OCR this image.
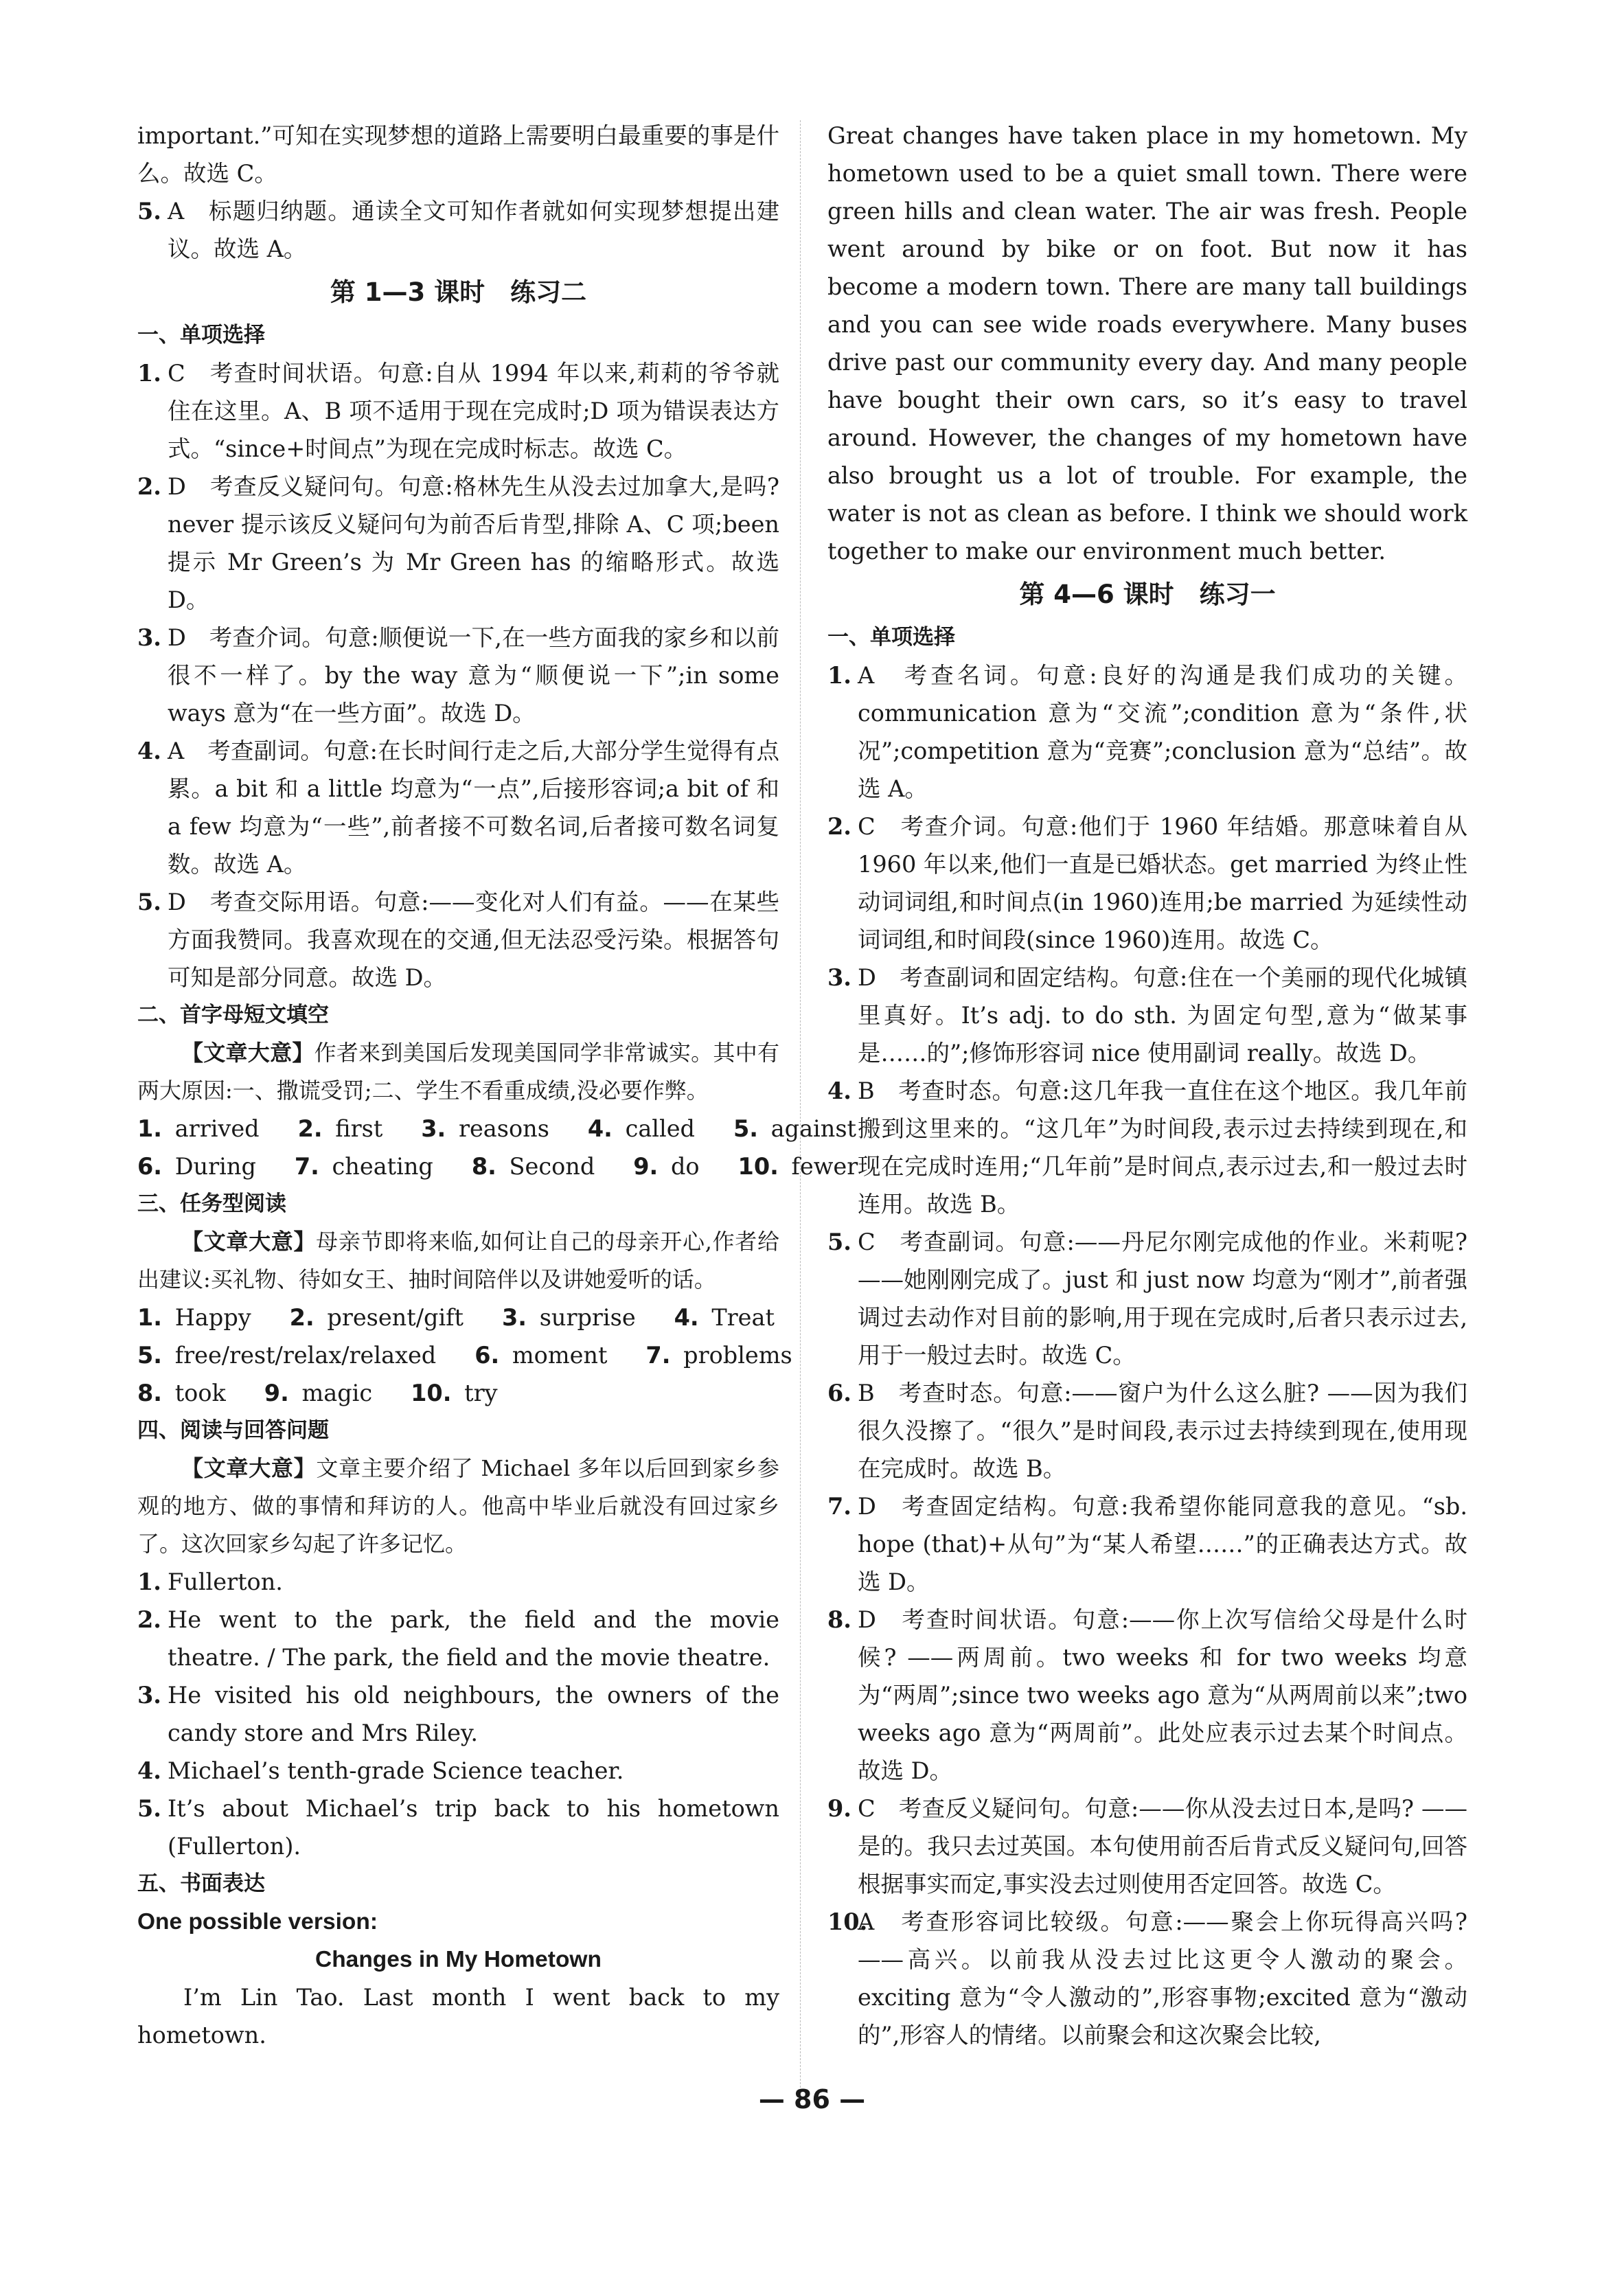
important.”可知在实现梦想的道路上需要明白最重要的事是什么。故选 C。

5. A　标题归纳题。通读全文可知作者就如何实现梦想提出建议。故选 A。

第 1—3 课时　练习二
一、单项选择

1. C　考查时间状语。句意:自从 1994 年以来,莉莉的爷爷就住在这里。A、B 项不适用于现在完成时;D 项为错误表达方式。“since+时间点”为现在完成时标志。故选 C。

2. D　考查反义疑问句。句意:格林先生从没去过加拿大,是吗? never 提示该反义疑问句为前否后肯型,排除 A、C 项;been 提示 Mr Green’s 为 Mr Green has 的缩略形式。故选 D。

3. D　考查介词。句意:顺便说一下,在一些方面我的家乡和以前很不一样了。by the way 意为“顺便说一下”;in some ways 意为“在一些方面”。故选 D。

4. A　考查副词。句意:在长时间行走之后,大部分学生觉得有点累。a bit 和 a little 均意为“一点”,后接形容词;a bit of 和 a few 均意为“一些”,前者接不可数名词,后者接可数名词复数。故选 A。

5. D　考查交际用语。句意:——变化对人们有益。——在某些方面我赞同。我喜欢现在的交通,但无法忍受污染。根据答句可知是部分同意。故选 D。

二、首字母短文填空

【文章大意】作者来到美国后发现美国同学非常诚实。其中有两大原因:一、撒谎受罚;二、学生不看重成绩,没必要作弊。

1. arrived 2. first 3. reasons 4. called 5. against

6. During 7. cheating 8. Second 9. do 10. fewer

三、任务型阅读

【文章大意】母亲节即将来临,如何让自己的母亲开心,作者给出建议:买礼物、待如女王、抽时间陪伴以及讲她爱听的话。

1. Happy 2. present/gift 3. surprise 4. Treat

5. free/rest/relax/relaxed 6. moment 7. problems

8. took 9. magic 10. try

四、阅读与回答问题

【文章大意】文章主要介绍了 Michael 多年以后回到家乡参观的地方、做的事情和拜访的人。他高中毕业后就没有回过家乡了。这次回家乡勾起了许多记忆。

1. Fullerton.

2. He went to the park, the field and the movie theatre. / The park, the field and the movie theatre.

3. He visited his old neighbours, the owners of the candy store and Mrs Riley.

4. Michael’s tenth-grade Science teacher.

5. It’s about Michael’s trip back to his hometown (Fullerton).

五、书面表达

One possible version:

Changes in My Hometown

I’m Lin Tao. Last month I went back to my hometown.

Great changes have taken place in my hometown. My hometown used to be a quiet small town. There were green hills and clean water. The air was fresh. People went around by bike or on foot. But now it has become a modern town. There are many tall buildings and you can see wide roads everywhere. Many buses drive past our community every day. And many people have bought their own cars, so it’s easy to travel around. However, the changes of my hometown have also brought us a lot of trouble. For example, the water is not as clean as before. I think we should work together to make our environment much better.

第 4—6 课时　练习一
一、单项选择

1. A　考查名词。句意:良好的沟通是我们成功的关键。communication 意为“交流”;condition 意为“条件,状况”;competition 意为“竞赛”;conclusion 意为“总结”。故选 A。

2. C　考查介词。句意:他们于 1960 年结婚。那意味着自从 1960 年以来,他们一直是已婚状态。get married 为终止性动词词组,和时间点(in 1960)连用;be married 为延续性动词词组,和时间段(since 1960)连用。故选 C。

3. D　考查副词和固定结构。句意:住在一个美丽的现代化城镇里真好。It’s adj. to do sth. 为固定句型,意为“做某事是……的”;修饰形容词 nice 使用副词 really。故选 D。

4. B　考查时态。句意:这几年我一直住在这个地区。我几年前搬到这里来的。“这几年”为时间段,表示过去持续到现在,和现在完成时连用;“几年前”是时间点,表示过去,和一般过去时连用。故选 B。

5. C　考查副词。句意:——丹尼尔刚完成他的作业。米莉呢? ——她刚刚完成了。just 和 just now 均意为“刚才”,前者强调过去动作对目前的影响,用于现在完成时,后者只表示过去,用于一般过去时。故选 C。

6. B　考查时态。句意:——窗户为什么这么脏? ——因为我们很久没擦了。“很久”是时间段,表示过去持续到现在,使用现在完成时。故选 B。

7. D　考查固定结构。句意:我希望你能同意我的意见。“sb. hope (that)+从句”为“某人希望……”的正确表达方式。故选 D。

8. D　考查时间状语。句意:——你上次写信给父母是什么时候? ——两周前。two weeks 和 for two weeks 均意为“两周”;since two weeks ago 意为“从两周前以来”;two weeks ago 意为“两周前”。此处应表示过去某个时间点。故选 D。

9. C　考查反义疑问句。句意:——你从没去过日本,是吗? ——是的。我只去过英国。本句使用前否后肯式反义疑问句,回答根据事实而定,事实没去过则使用否定回答。故选 C。

10.A　考查形容词比较级。句意:——聚会上你玩得高兴吗? ——高兴。以前我从没去过比这更令人激动的聚会。exciting 意为“令人激动的”,形容事物;excited 意为“激动的”,形容人的情绪。以前聚会和这次聚会比较,

— 86 —
